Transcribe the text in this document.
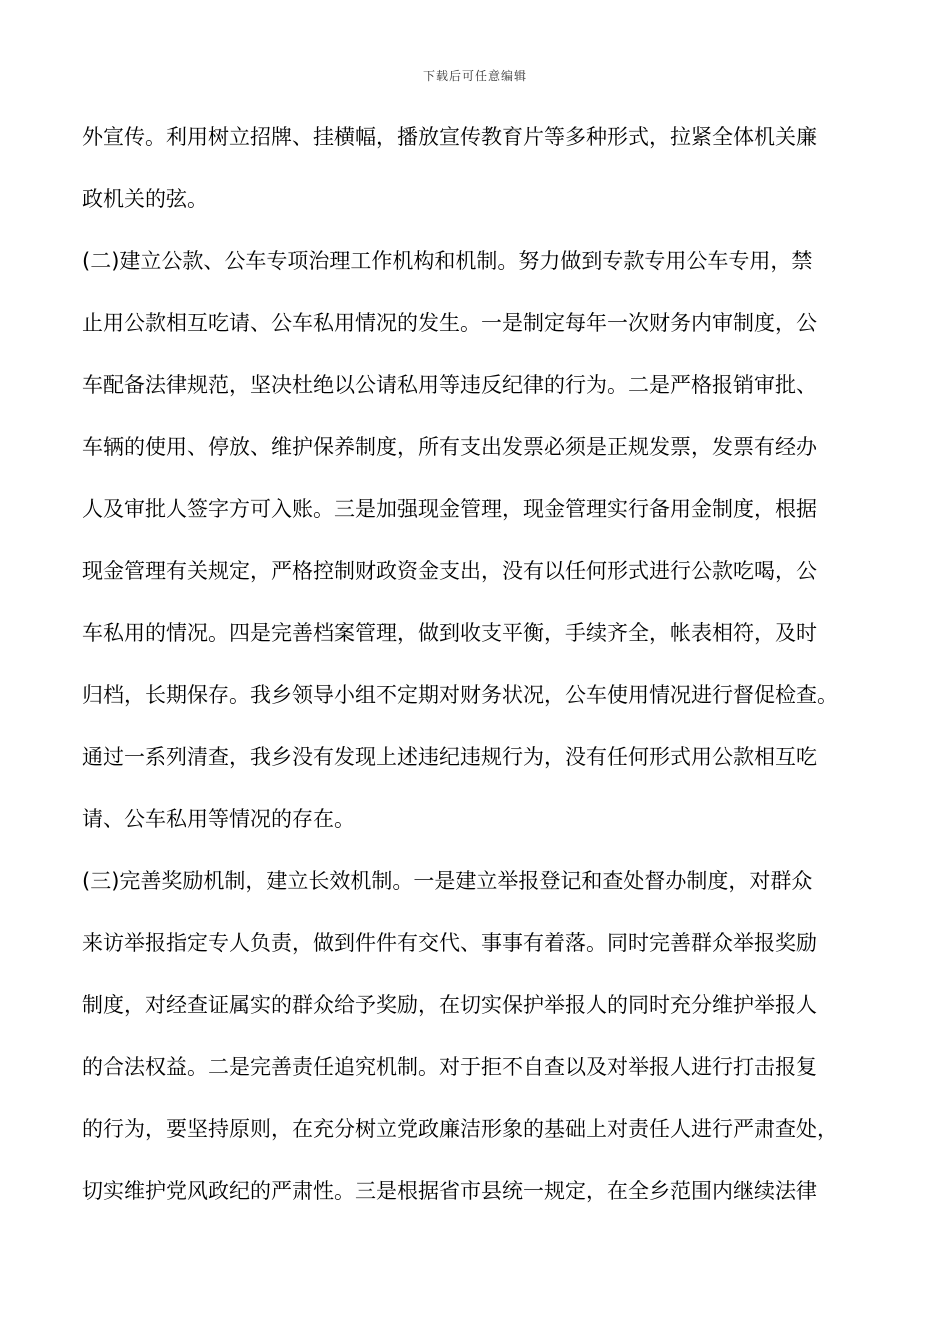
下载后可任意编辑
外宣传。利用树立招牌、挂横幅，播放宣传教育片等多种形式，拉紧全体机关廉
政机关的弦。
(二)建立公款、公车专项治理工作机构和机制。努力做到专款专用公车专用，禁
止用公款相互吃请、公车私用情况的发生。一是制定每年一次财务内审制度，公
车配备法律规范，坚决杜绝以公请私用等违反纪律的行为。二是严格报销审批、
车辆的使用、停放、维护保养制度，所有支出发票必须是正规发票，发票有经办
人及审批人签字方可入账。三是加强现金管理，现金管理实行备用金制度，根据
现金管理有关规定，严格控制财政资金支出，没有以任何形式进行公款吃喝，公
车私用的情况。四是完善档案管理，做到收支平衡，手续齐全，帐表相符，及时
归档，长期保存。我乡领导小组不定期对财务状况，公车使用情况进行督促检查。
通过一系列清查，我乡没有发现上述违纪违规行为，没有任何形式用公款相互吃
请、公车私用等情况的存在。
(三)完善奖励机制，建立长效机制。一是建立举报登记和查处督办制度，对群众
来访举报指定专人负责，做到件件有交代、事事有着落。同时完善群众举报奖励
制度，对经查证属实的群众给予奖励，在切实保护举报人的同时充分维护举报人
的合法权益。二是完善责任追究机制。对于拒不自查以及对举报人进行打击报复
的行为，要坚持原则，在充分树立党政廉洁形象的基础上对责任人进行严肃查处，
切实维护党风政纪的严肃性。三是根据省市县统一规定，在全乡范围内继续法律
